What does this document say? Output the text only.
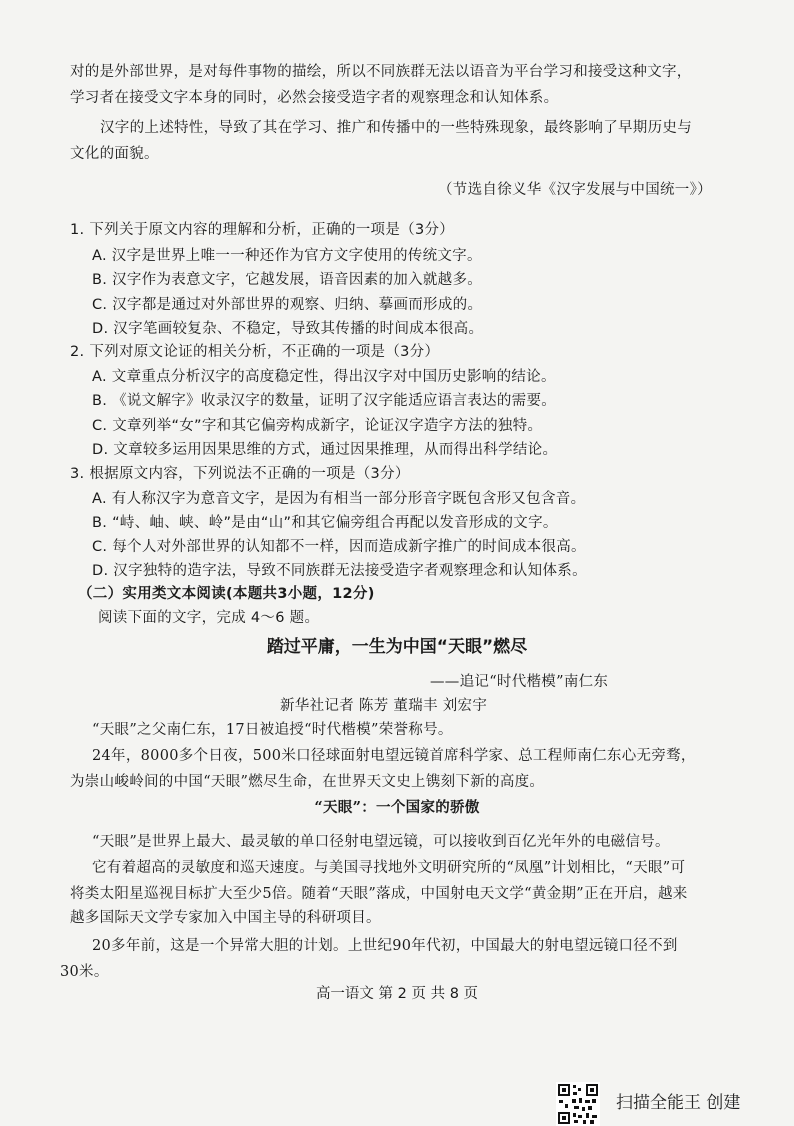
对的是外部世界，是对每件事物的描绘，所以不同族群无法以语音为平台学习和接受这种文字，
学习者在接受文字本身的同时，必然会接受造字者的观察理念和认知体系。
汉字的上述特性，导致了其在学习、推广和传播中的一些特殊现象，最终影响了早期历史与
文化的面貌。
（节选自徐义华《汉字发展与中国统一》）
1. 下列关于原文内容的理解和分析，正确的一项是（3分）
A. 汉字是世界上唯一一种还作为官方文字使用的传统文字。
B. 汉字作为表意文字，它越发展，语音因素的加入就越多。
C. 汉字都是通过对外部世界的观察、归纳、摹画而形成的。
D. 汉字笔画较复杂、不稳定，导致其传播的时间成本很高。
2. 下列对原文论证的相关分析，不正确的一项是（3分）
A. 文章重点分析汉字的高度稳定性，得出汉字对中国历史影响的结论。
B. 《说文解字》收录汉字的数量，证明了汉字能适应语言表达的需要。
C. 文章列举“女”字和其它偏旁构成新字，论证汉字造字方法的独特。
D. 文章较多运用因果思维的方式，通过因果推理，从而得出科学结论。
3. 根据原文内容，下列说法不正确的一项是（3分）
A. 有人称汉字为意音文字，是因为有相当一部分形音字既包含形又包含音。
B. “峙、岫、峡、岭”是由“山”和其它偏旁组合再配以发音形成的文字。
C. 每个人对外部世界的认知都不一样，因而造成新字推广的时间成本很高。
D. 汉字独特的造字法，导致不同族群无法接受造字者观察理念和认知体系。
（二）实用类文本阅读(本题共3小题，12分)
阅读下面的文字，完成 4～6 题。
踏过平庸，一生为中国“天眼”燃尽
——追记“时代楷模”南仁东
新华社记者 陈芳 董瑞丰 刘宏宇
“天眼”之父南仁东，17日被追授“时代楷模”荣誉称号。
24年，8000多个日夜，500米口径球面射电望远镜首席科学家、总工程师南仁东心无旁骛，
为崇山峻岭间的中国“天眼”燃尽生命，在世界天文史上镌刻下新的高度。
“天眼”：一个国家的骄傲
“天眼”是世界上最大、最灵敏的单口径射电望远镜，可以接收到百亿光年外的电磁信号。
它有着超高的灵敏度和巡天速度。与美国寻找地外文明研究所的“凤凰”计划相比，“天眼”可
将类太阳星巡视目标扩大至少5倍。随着“天眼”落成，中国射电天文学“黄金期”正在开启，越来
越多国际天文学专家加入中国主导的科研项目。
20多年前，这是一个异常大胆的计划。上世纪90年代初，中国最大的射电望远镜口径不到
30米。
高一语文 第 2 页 共 8 页
扫描全能王 创建
